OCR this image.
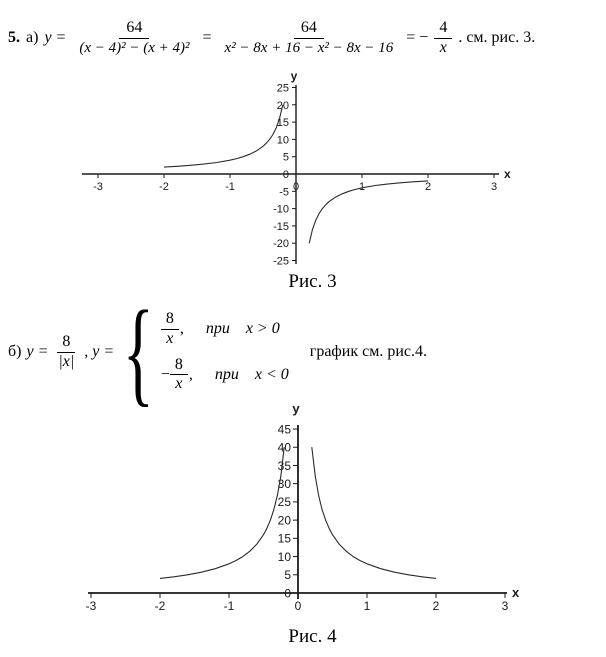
5. а) $y = \frac{64}{\text{(x − 4)² − (x + 4)²}} = \frac{64}{\text{x² − 8x + 16 − x² − 8x − 16}}$ = − $\frac{4}{x}$ . см. рис. 3.
-3	-2	-1	0	1	2	3
-25
-20
-15
-10
-5
0
5
10
15
20
25
y
x
Рис. 3
б) $y = \frac{8}{|x|}$ , y = { $\frac{8}{x}$ , при x > 0
− $\frac{8}{x}$ , при x < 0
график см. рис.4.
-3	-2	-1	0	1	2	3
0
5
10
15
20
25
30
35
40
45
y
x
Рис. 4
